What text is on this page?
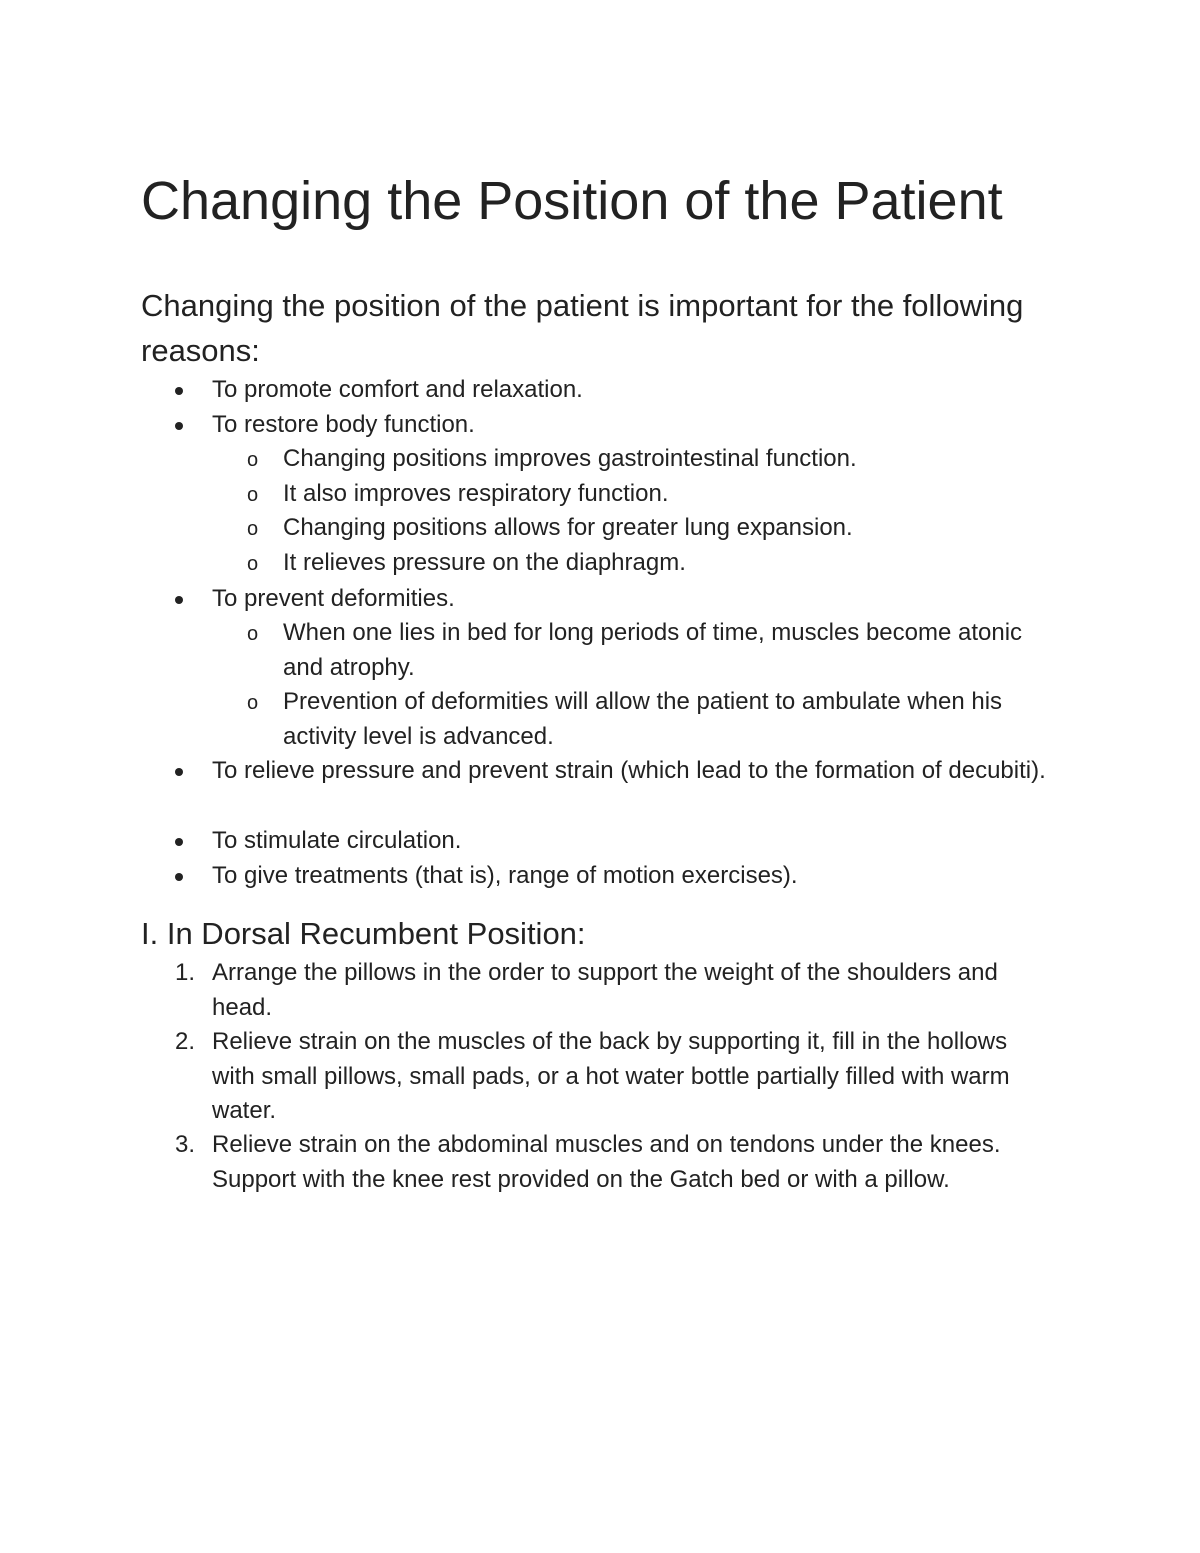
Changing the Position of the Patient

Changing the position of the patient is important for the following reasons:

To promote comfort and relaxation.
To restore body function.
o Changing positions improves gastrointestinal function.
o It also improves respiratory function.
o Changing positions allows for greater lung expansion.
o It relieves pressure on the diaphragm.
To prevent deformities.
o When one lies in bed for long periods of time, muscles become atonic and atrophy.
o Prevention of deformities will allow the patient to ambulate when his activity level is advanced.
To relieve pressure and prevent strain (which lead to the formation of decubiti).
To stimulate circulation.
To give treatments (that is), range of motion exercises).
I. In Dorsal Recumbent Position:
1. Arrange the pillows in the order to support the weight of the shoulders and head.
2. Relieve strain on the muscles of the back by supporting it, fill in the hollows with small pillows, small pads, or a hot water bottle partially filled with warm water.
3. Relieve strain on the abdominal muscles and on tendons under the knees. Support with the knee rest provided on the Gatch bed or with a pillow.
